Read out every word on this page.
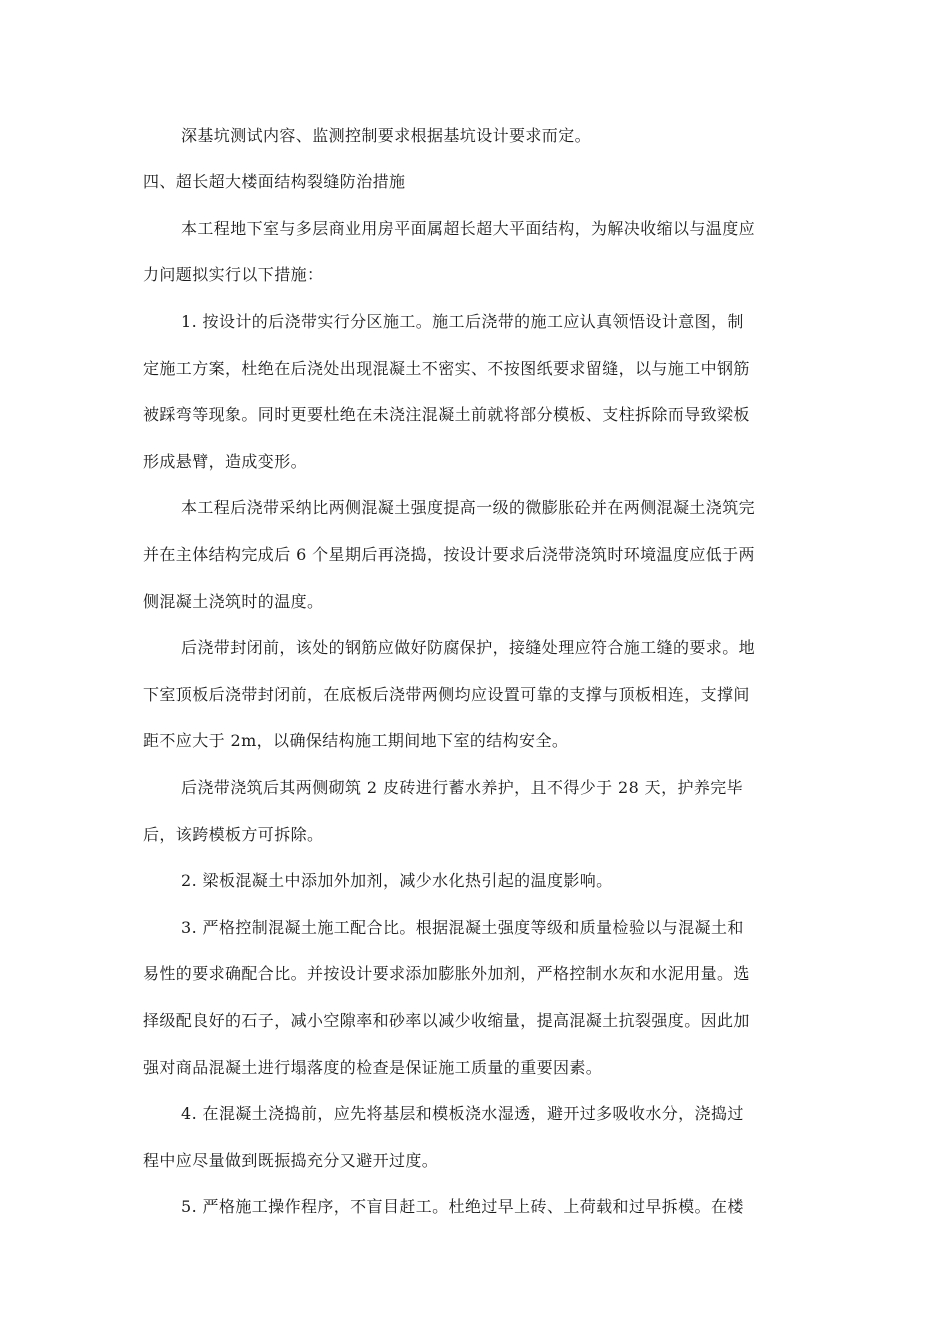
深基坑测试内容、监测控制要求根据基坑设计要求而定。
四、超长超大楼面结构裂缝防治措施
本工程地下室与多层商业用房平面属超长超大平面结构，为解决收缩以与温度应
力问题拟实行以下措施：
1. 按设计的后浇带实行分区施工。施工后浇带的施工应认真领悟设计意图，制
定施工方案，杜绝在后浇处出现混凝土不密实、不按图纸要求留缝，以与施工中钢筋
被踩弯等现象。同时更要杜绝在未浇注混凝土前就将部分模板、支柱拆除而导致梁板
形成悬臂，造成变形。
本工程后浇带采纳比两侧混凝土强度提高一级的微膨胀砼并在两侧混凝土浇筑完
并在主体结构完成后 6 个星期后再浇捣，按设计要求后浇带浇筑时环境温度应低于两
侧混凝土浇筑时的温度。
后浇带封闭前，该处的钢筋应做好防腐保护，接缝处理应符合施工缝的要求。地
下室顶板后浇带封闭前，在底板后浇带两侧均应设置可靠的支撑与顶板相连，支撑间
距不应大于 2m，以确保结构施工期间地下室的结构安全。
后浇带浇筑后其两侧砌筑 2 皮砖进行蓄水养护，且不得少于 28 天，护养完毕
后，该跨模板方可拆除。
2. 梁板混凝土中添加外加剂，减少水化热引起的温度影响。
3. 严格控制混凝土施工配合比。根据混凝土强度等级和质量检验以与混凝土和
易性的要求确配合比。并按设计要求添加膨胀外加剂，严格控制水灰和水泥用量。选
择级配良好的石子，减小空隙率和砂率以减少收缩量，提高混凝土抗裂强度。因此加
强对商品混凝土进行塌落度的检查是保证施工质量的重要因素。
4. 在混凝土浇捣前，应先将基层和模板浇水湿透，避开过多吸收水分，浇捣过
程中应尽量做到既振捣充分又避开过度。
5. 严格施工操作程序，不盲目赶工。杜绝过早上砖、上荷载和过早拆模。在楼
